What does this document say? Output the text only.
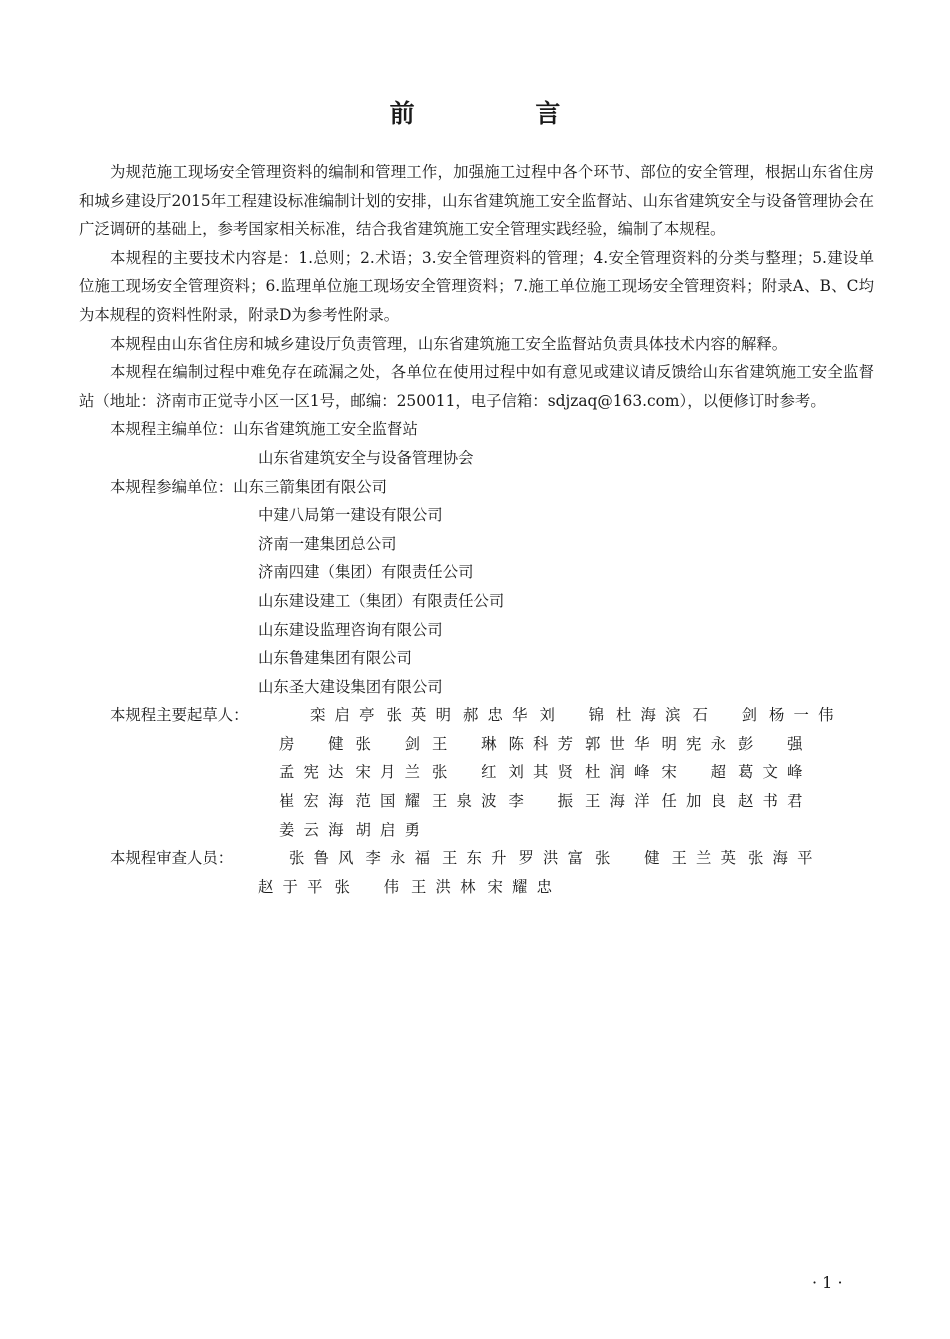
前 言

为规范施工现场安全管理资料的编制和管理工作，加强施工过程中各个环节、部位的安全管理，根据山东省住房和城乡建设厅2015年工程建设标准编制计划的安排，山东省建筑施工安全监督站、山东省建筑安全与设备管理协会在广泛调研的基础上，参考国家相关标准，结合我省建筑施工安全管理实践经验，编制了本规程。

本规程的主要技术内容是：1.总则；2.术语；3.安全管理资料的管理；4.安全管理资料的分类与整理；5.建设单位施工现场安全管理资料；6.监理单位施工现场安全管理资料；7.施工单位施工现场安全管理资料；附录A、B、C均为本规程的资料性附录，附录D为参考性附录。

本规程由山东省住房和城乡建设厅负责管理，山东省建筑施工安全监督站负责具体技术内容的解释。

本规程在编制过程中难免存在疏漏之处，各单位在使用过程中如有意见或建议请反馈给山东省建筑施工安全监督站（地址：济南市正觉寺小区一区1号，邮编：250011，电子信箱：sdjzaq@163.com），以便修订时参考。

本规程主编单位： 山东省建筑施工安全监督站
山东省建筑安全与设备管理协会
本规程参编单位： 山东三箭集团有限公司
中建八局第一建设有限公司
济南一建集团总公司
济南四建（集团）有限责任公司
山东建设建工（集团）有限责任公司
山东建设监理咨询有限公司
山东鲁建集团有限公司
山东圣大建设集团有限公司
本规程主要起草人：	栾启亭 张英明 郝忠华 刘锦 杜海滨 石剑 杨一伟
房健 张剑 王琳 陈科芳 郭世华 明宪永 彭强
孟宪达 宋月兰 张红 刘其贤 杜润峰 宋超 葛文峰
崔宏海 范国耀 王泉波 李振 王海洋 任加良 赵书君
姜云海 胡启勇
本规程审查人员：	张鲁风 李永福 王东升 罗洪富 张健 王兰英 张海平
赵于平 张伟 王洪林 宋耀忠
· 1 ·
